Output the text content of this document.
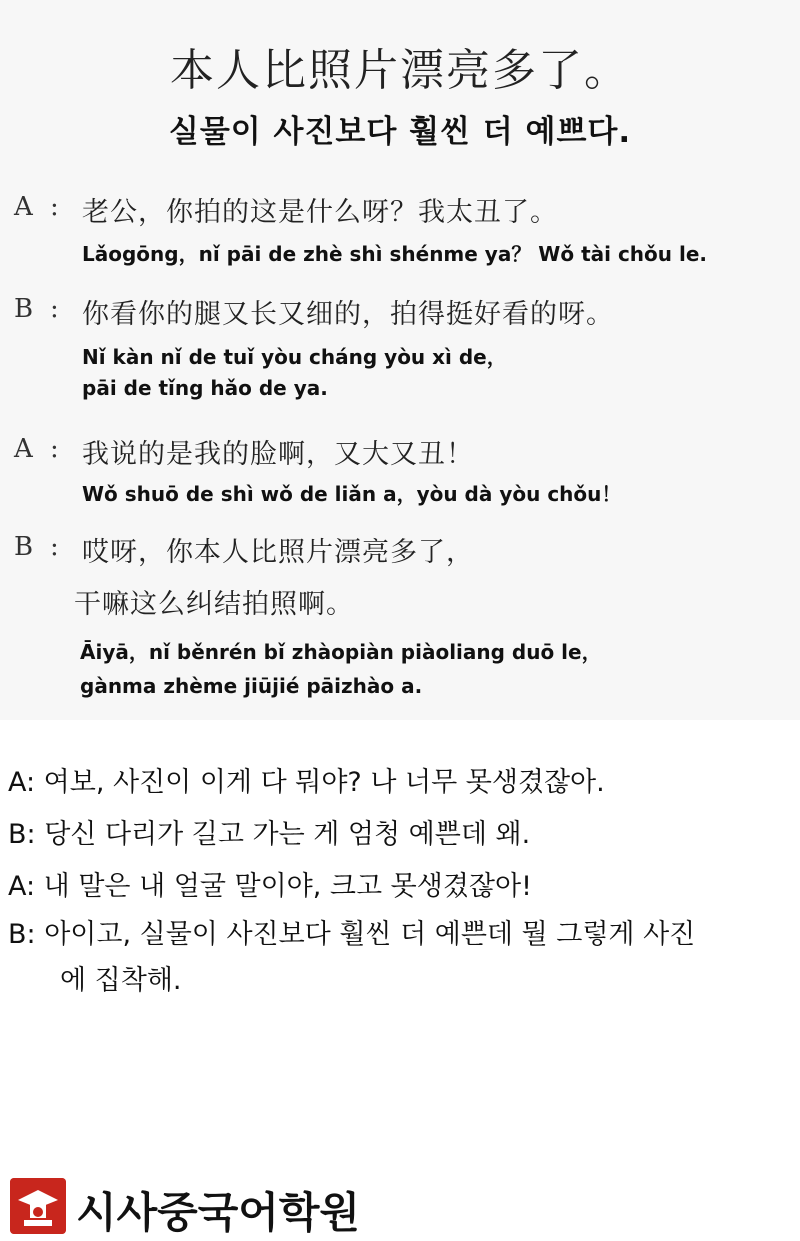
本人比照片漂亮多了。
실물이 사진보다 훨씬 더 예쁘다.
A : 老公，你拍的这是什么呀？我太丑了。
Lǎogōng，nǐ pāi de zhè shì shénme ya？ Wǒ tài chǒu le.
B : 你看你的腿又长又细的，拍得挺好看的呀。
Nǐ kàn nǐ de tuǐ yòu cháng yòu xì de，
pāi de tǐng hǎo de ya.
A : 我说的是我的脸啊，又大又丑！
Wǒ shuō de shì wǒ de liǎn a，yòu dà yòu chǒu！
B : 哎呀，你本人比照片漂亮多了，
干嘛这么纠结拍照啊。
Āiyā，nǐ běnrén bǐ zhàopiàn piàoliang duō le，
gànma zhème jiūjié pāizhào a.
A: 여보, 사진이 이게 다 뭐야? 나 너무 못생겼잖아.
B: 당신 다리가 길고 가는 게 엄청 예쁜데 왜.
A: 내 말은 내 얼굴 말이야, 크고 못생겼잖아!
B: 아이고, 실물이 사진보다 훨씬 더 예쁜데 뭘 그렇게 사진
에 집착해.
시사중국어학원
